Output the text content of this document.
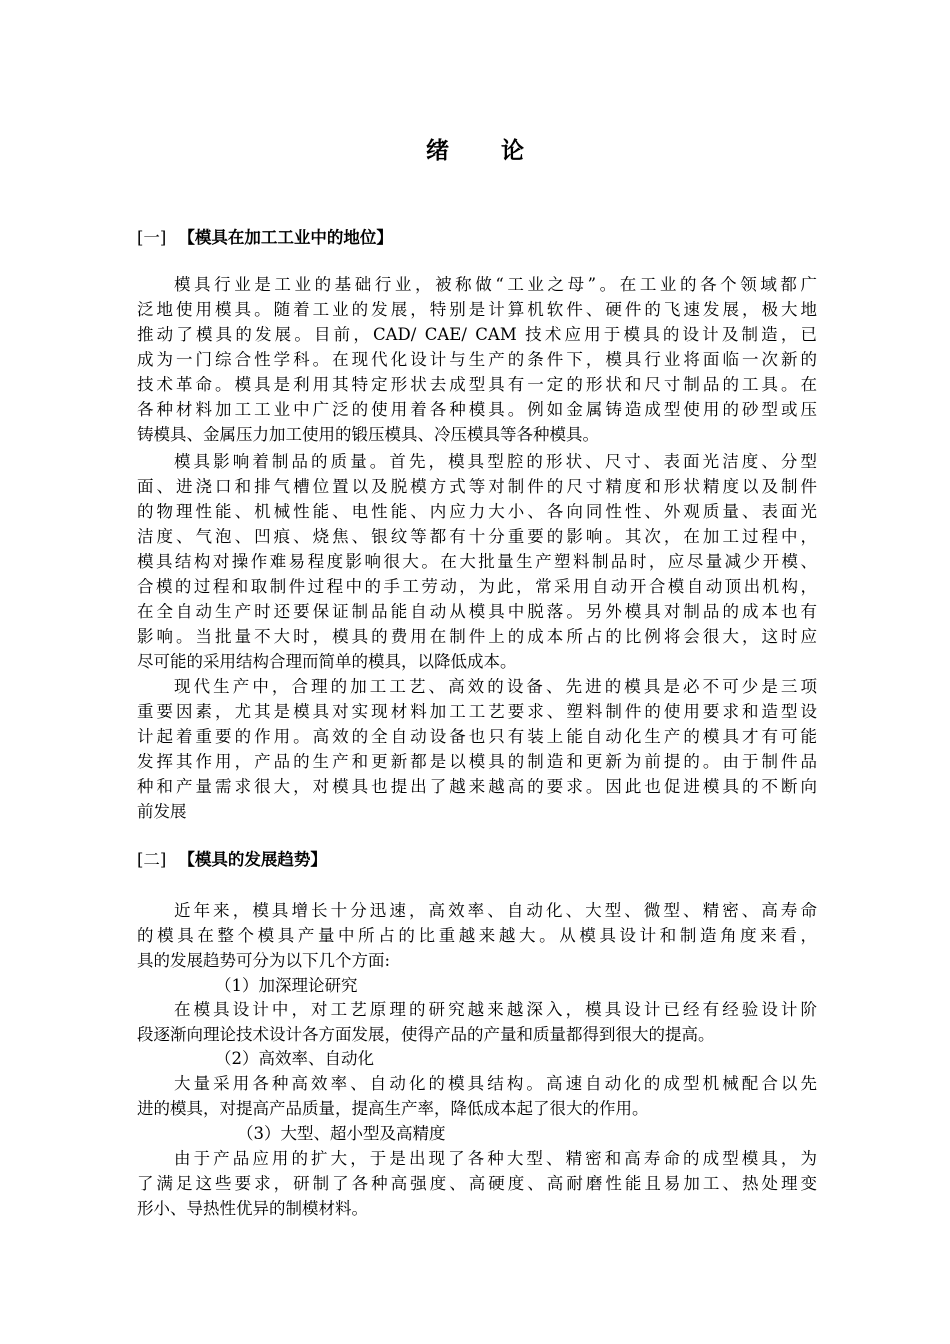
绪 论
[一] 【模具在加工工业中的地位】
模具行业是工业的基础行业，被称做“工业之母”。在工业的各个领域都广
泛地使用模具。随着工业的发展，特别是计算机软件、硬件的飞速发展，极大地
推动了模具的发展。目前，CAD/ CAE/ CAM 技术应用于模具的设计及制造，已
成为一门综合性学科。在现代化设计与生产的条件下，模具行业将面临一次新的
技术革命。模具是利用其特定形状去成型具有一定的形状和尺寸制品的工具。在
各种材料加工工业中广泛的使用着各种模具。例如金属铸造成型使用的砂型或压
铸模具、金属压力加工使用的锻压模具、冷压模具等各种模具。
模具影响着制品的质量。首先，模具型腔的形状、尺寸、表面光洁度、分型
面、进浇口和排气槽位置以及脱模方式等对制件的尺寸精度和形状精度以及制件
的物理性能、机械性能、电性能、内应力大小、各向同性性、外观质量、表面光
洁度、气泡、凹痕、烧焦、银纹等都有十分重要的影响。其次，在加工过程中，
模具结构对操作难易程度影响很大。在大批量生产塑料制品时，应尽量减少开模、
合模的过程和取制件过程中的手工劳动，为此，常采用自动开合模自动顶出机构，
在全自动生产时还要保证制品能自动从模具中脱落。另外模具对制品的成本也有
影响。当批量不大时，模具的费用在制件上的成本所占的比例将会很大，这时应
尽可能的采用结构合理而简单的模具，以降低成本。
现代生产中，合理的加工工艺、高效的设备、先进的模具是必不可少是三项
重要因素，尤其是模具对实现材料加工工艺要求、塑料制件的使用要求和造型设
计起着重要的作用。高效的全自动设备也只有装上能自动化生产的模具才有可能
发挥其作用，产品的生产和更新都是以模具的制造和更新为前提的。由于制件品
种和产量需求很大，对模具也提出了越来越高的要求。因此也促进模具的不断向
前发展
[二] 【模具的发展趋势】
近年来，模具增长十分迅速，高效率、自动化、大型、微型、精密、高寿命
的模具在整个模具产量中所占的比重越来越大。从模具设计和制造角度来看，
具的发展趋势可分为以下几个方面:
（1）加深理论研究
在模具设计中，对工艺原理的研究越来越深入，模具设计已经有经验设计阶
段逐渐向理论技术设计各方面发展，使得产品的产量和质量都得到很大的提高。
（2）高效率、自动化
大量采用各种高效率、自动化的模具结构。高速自动化的成型机械配合以先
进的模具，对提高产品质量，提高生产率，降低成本起了很大的作用。
（3）大型、超小型及高精度
由于产品应用的扩大，于是出现了各种大型、精密和高寿命的成型模具，为
了满足这些要求，研制了各种高强度、高硬度、高耐磨性能且易加工、热处理变
形小、导热性优异的制模材料。
